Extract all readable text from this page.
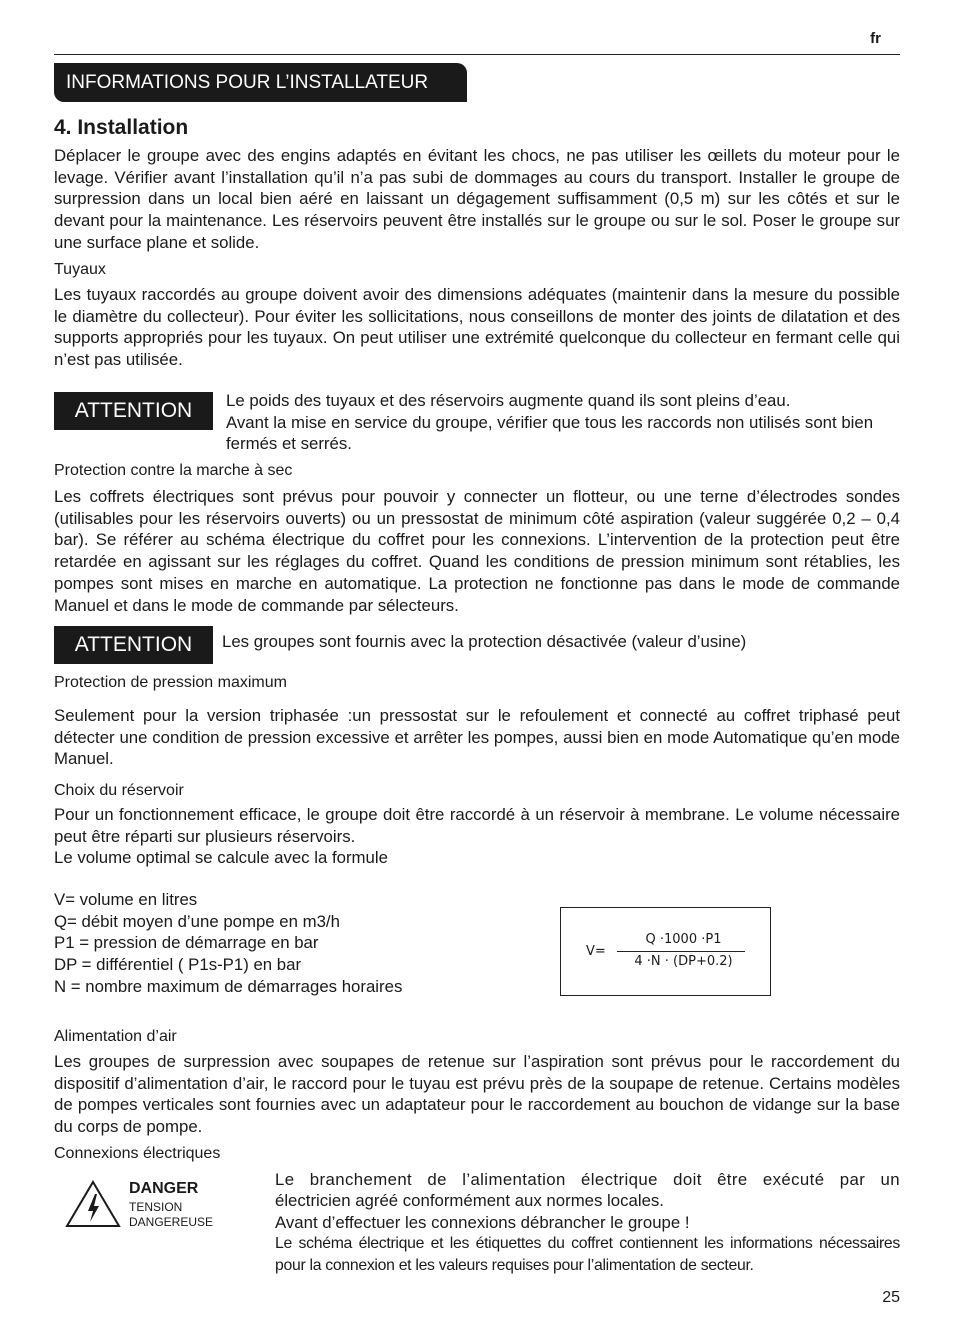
fr
INFORMATIONS POUR L’INSTALLATEUR
4. Installation
Déplacer le groupe avec des engins adaptés en évitant les chocs, ne pas utiliser les œillets du moteur pour le levage. Vérifier avant l’installation qu’il n’a pas subi de dommages au cours du transport. Installer le groupe de surpression dans un local bien aéré en laissant un dégagement suffisamment (0,5 m) sur les côtés et sur le devant pour la maintenance. Les réservoirs peuvent être installés sur le groupe ou sur le sol. Poser le groupe sur une surface plane et solide.
Tuyaux
Les tuyaux raccordés au groupe doivent avoir des dimensions adéquates (maintenir dans la mesure du possible le diamètre du collecteur). Pour éviter les sollicitations, nous conseillons de monter des joints de dilatation et des supports appropriés pour les tuyaux. On peut utiliser une extrémité quelconque du collecteur en fermant celle qui n’est pas utilisée.
ATTENTION	Le poids des tuyaux et des réservoirs augmente quand ils sont pleins d’eau.
Avant la mise en service du groupe, vérifier que tous les raccords non utilisés sont bien fermés et serrés.
Protection contre la marche à sec
Les coffrets électriques sont prévus pour pouvoir y connecter un flotteur, ou une terne d’électrodes sondes (utilisables pour les réservoirs ouverts) ou un pressostat de minimum côté aspiration (valeur suggérée 0,2 – 0,4 bar). Se référer au schéma électrique du coffret pour les connexions. L’intervention de la protection peut être retardée en agissant sur les réglages du coffret. Quand les conditions de pression minimum sont rétablies, les pompes sont mises en marche en automatique. La protection ne fonctionne pas dans le mode de commande Manuel et dans le mode de commande par sélecteurs.
ATTENTION	Les groupes sont fournis avec la protection désactivée (valeur d’usine)
Protection de pression maximum
Seulement pour la version triphasée :un pressostat sur le refoulement et connecté au coffret triphasé peut détecter une condition de pression excessive et arrêter les pompes, aussi bien en mode Automatique qu’en mode Manuel.
Choix du réservoir

Pour un fonctionnement efficace, le groupe doit être raccordé à un réservoir à membrane. Le volume nécessaire peut être réparti sur plusieurs réservoirs.

Le volume optimal se calcule avec la formule

V= volume en litres
Q= débit moyen d’une pompe en m3/h
P1 = pression de démarrage en bar
DP = différentiel ( P1s-P1) en bar
N = nombre maximum de démarrages horaires
V=
Q ·1000 ·P1
4 ·N · (DP+0.2)
Alimentation d’air
Les groupes de surpression avec soupapes de retenue sur l’aspiration sont prévus pour le raccordement du dispositif d’alimentation d’air, le raccord pour le tuyau est prévu près de la soupape de retenue. Certains modèles de pompes verticales sont fournies avec un adaptateur pour le raccordement au bouchon de vidange sur la base du corps de pompe.
Connexions électriques
DANGER
TENSION
DANGEREUSE
Le branchement de l’alimentation électrique doit être exécuté par un
électricien agréé conformément aux normes locales.
Avant d’effectuer les connexions débrancher le groupe !
Le schéma électrique et les étiquettes du coffret contiennent les informations nécessaires pour la connexion et les valeurs requises pour l’alimentation de secteur.
25
